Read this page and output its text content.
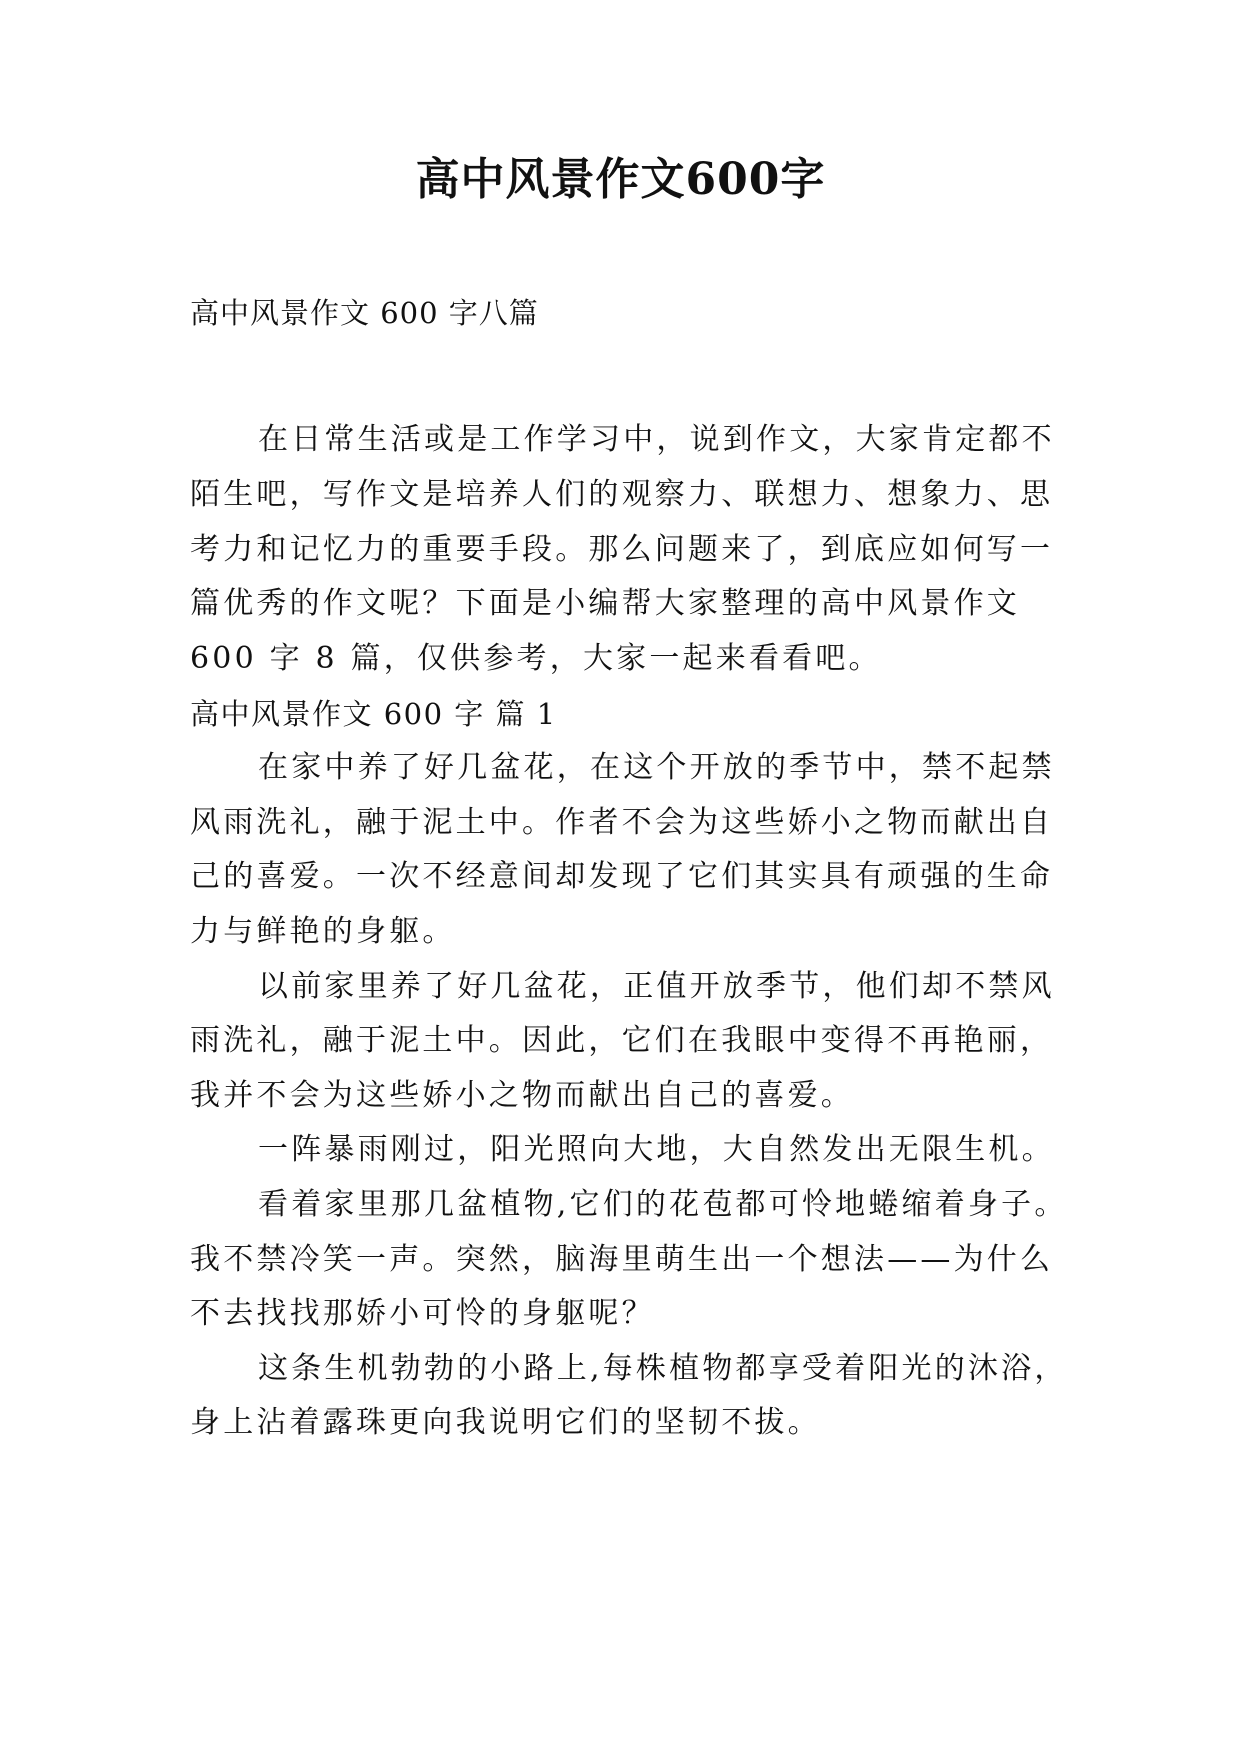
高中风景作文600字
高中风景作文 600 字八篇
在日常生活或是工作学习中，说到作文，大家肯定都不
陌生吧，写作文是培养人们的观察力、联想力、想象力、思
考力和记忆力的重要手段。那么问题来了，到底应如何写一
篇优秀的作文呢？下面是小编帮大家整理的高中风景作文
600 字 8 篇，仅供参考，大家一起来看看吧。
高中风景作文 600 字 篇 1
在家中养了好几盆花，在这个开放的季节中，禁不起禁
风雨洗礼，融于泥土中。作者不会为这些娇小之物而献出自
己的喜爱。一次不经意间却发现了它们其实具有顽强的生命
力与鲜艳的身躯。
以前家里养了好几盆花，正值开放季节，他们却不禁风
雨洗礼，融于泥土中。因此，它们在我眼中变得不再艳丽，
我并不会为这些娇小之物而献出自己的喜爱。
一阵暴雨刚过，阳光照向大地，大自然发出无限生机。
看着家里那几盆植物,它们的花苞都可怜地蜷缩着身子。
我不禁冷笑一声。突然，脑海里萌生出一个想法——为什么
不去找找那娇小可怜的身躯呢？
这条生机勃勃的小路上,每株植物都享受着阳光的沐浴，
身上沾着露珠更向我说明它们的坚韧不拔。
